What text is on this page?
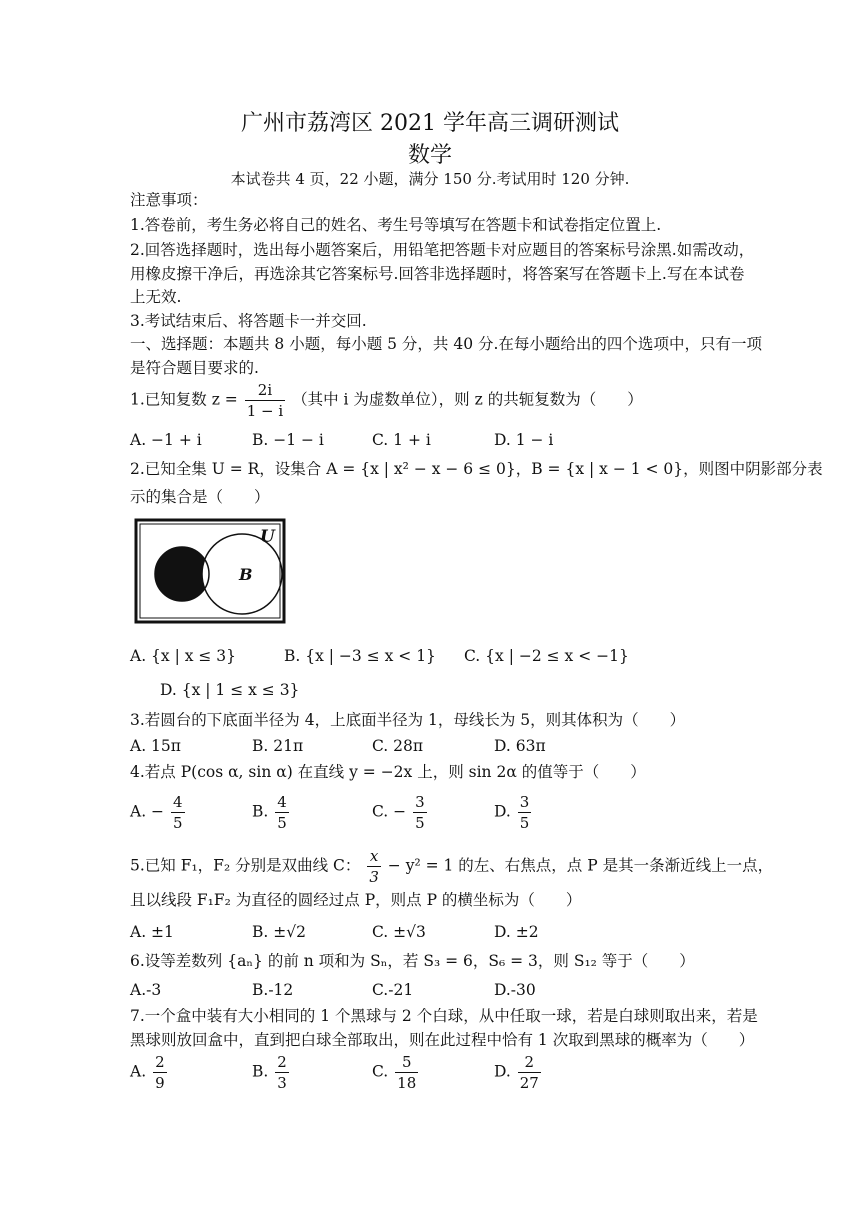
广州市荔湾区 2021 学年高三调研测试
数学
本试卷共 4 页，22 小题，满分 150 分.考试用时 120 分钟.
注意事项：
1.答卷前，考生务必将自己的姓名、考生号等填写在答题卡和试卷指定位置上.
2.回答选择题时，选出每小题答案后，用铅笔把答题卡对应题目的答案标号涂黑.如需改动，
用橡皮擦干净后，再选涂其它答案标号.回答非选择题时，将答案写在答题卡上.写在本试卷
上无效.
3.考试结束后、将答题卡一并交回.
一、选择题：本题共 8 小题，每小题 5 分，共 40 分.在每小题给出的四个选项中，只有一项
是符合题目要求的.
1.已知复数 $z = \frac{2i}{1 - i}$ （其中 i 为虚数单位），则 z 的共轭复数为（　　）
A. −1 + i	B. −1 − i	C. 1 + i	D. 1 − i
2.已知全集 U = R，设集合 A = {x | x² − x − 6 ≤ 0}，B = {x | x − 1 < 0}，则图中阴影部分表
示的集合是（　　）
U
B
A. {x | x ≤ 3}	B. {x | −3 ≤ x < 1} C. {x | −2 ≤ x < −1}
D. {x | 1 ≤ x ≤ 3}
3.若圆台的下底面半径为 4，上底面半径为 1，母线长为 5，则其体积为（　　）
A. 15π	B. 21π	C. 28π	D. 63π
4.若点 P(cos α, sin α) 在直线 y = −2x 上，则 sin 2α 的值等于（　　）
A. − $\frac{4}{5}$	B. $\frac{4}{5}$	C. − $\frac{3}{5}$	D. $\frac{3}{5}$
5.已知 F₁，F₂ 分别是双曲线 C： $\frac{x}{3} - y^2 = 1$ 的左、右焦点，点 P 是其一条渐近线上一点，
且以线段 F₁F₂ 为直径的圆经过点 P，则点 P 的横坐标为（　　）
A. ±1	B. ±√2	C. ±√3	D. ±2
6.设等差数列 {aₙ} 的前 n 项和为 Sₙ，若 S₃ = 6，S₆ = 3，则 S₁₂ 等于（　　）
A.-3	B.-12	C.-21	D.-30
7.一个盒中装有大小相同的 1 个黑球与 2 个白球，从中任取一球，若是白球则取出来，若是
黑球则放回盒中，直到把白球全部取出，则在此过程中恰有 1 次取到黑球的概率为（　　）
A. $\frac{2}{9}$	B. $\frac{2}{3}$	C. $\frac{5}{18}$	D. $\frac{2}{27}$
